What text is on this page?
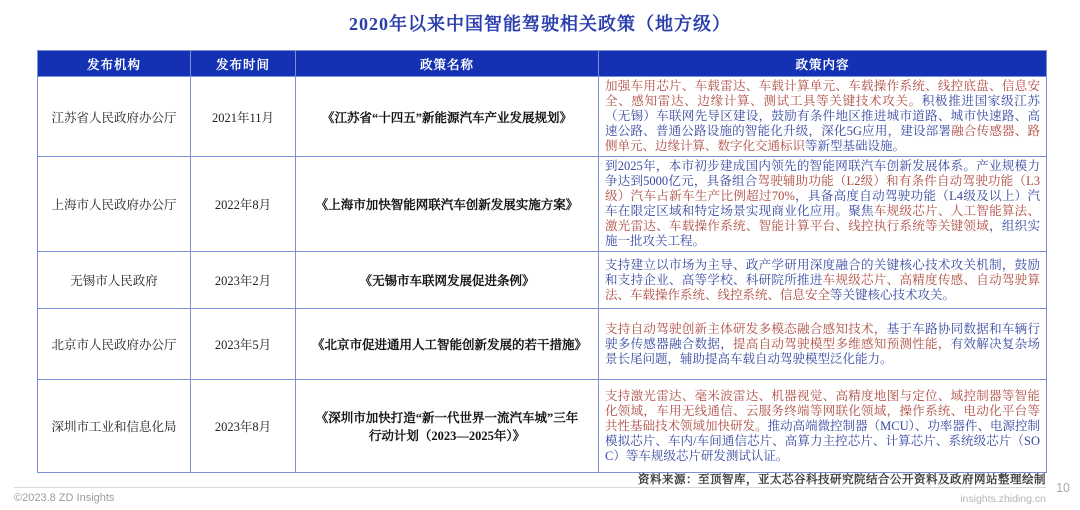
2020年以来中国智能驾驶相关政策（地方级）
发布机构	发布时间	政策名称	政策内容
江苏省人民政府办公厅	2021年11月	《江苏省“十四五”新能源汽车产业发展规划》	加强车用芯片、车载雷达、车载计算单元、车载操作系统、线控底盘、信息安全、感知雷达、边缘计算、测试工具等关键技术攻关。积极推进国家级江苏（无锡）车联网先导区建设，鼓励有条件地区推进城市道路、城市快速路、高速公路、普通公路设施的智能化升级，深化5G应用，建设部署融合传感器、路侧单元、边缘计算、数字化交通标识等新型基础设施。
上海市人民政府办公厅	2022年8月	《上海市加快智能网联汽车创新发展实施方案》	到2025年，本市初步建成国内领先的智能网联汽车创新发展体系。产业规模力争达到5000亿元，具备组合驾驶辅助功能（L2级）和有条件自动驾驶功能（L3级）汽车占新车生产比例超过70%，具备高度自动驾驶功能（L4级及以上）汽车在限定区域和特定场景实现商业化应用。聚焦车规级芯片、人工智能算法、激光雷达、车载操作系统、智能计算平台、线控执行系统等关键领域，组织实施一批攻关工程。
无锡市人民政府	2023年2月	《无锡市车联网发展促进条例》	支持建立以市场为主导、政产学研用深度融合的关键核心技术攻关机制，鼓励和支持企业、高等学校、科研院所推进车规级芯片、高精度传感、自动驾驶算法、车载操作系统、线控系统、信息安全等关键核心技术攻关。
北京市人民政府办公厅	2023年5月	《北京市促进通用人工智能创新发展的若干措施》	支持自动驾驶创新主体研发多模态融合感知技术，基于车路协同数据和车辆行驶多传感器融合数据，提高自动驾驶模型多维感知预测性能，有效解决复杂场景长尾问题，辅助提高车载自动驾驶模型泛化能力。
深圳市工业和信息化局	2023年8月	《深圳市加快打造“新一代世界一流汽车城”三年行动计划（2023—2025年）》	支持激光雷达、毫米波雷达、机器视觉、高精度地图与定位、域控制器等智能化领域，车用无线通信、云服务终端等网联化领域，操作系统、电动化平台等共性基础技术领域加快研发。推动高端微控制器（MCU）、功率器件、电源控制模拟芯片、车内/车间通信芯片、高算力主控芯片、计算芯片、系统级芯片（SOC）等车规级芯片研发测试认证。
资料来源：至顶智库，亚太芯谷科技研究院结合公开资料及政府网站整理绘制
©2023.8 ZD Insights	insights.zhiding.cn
10
